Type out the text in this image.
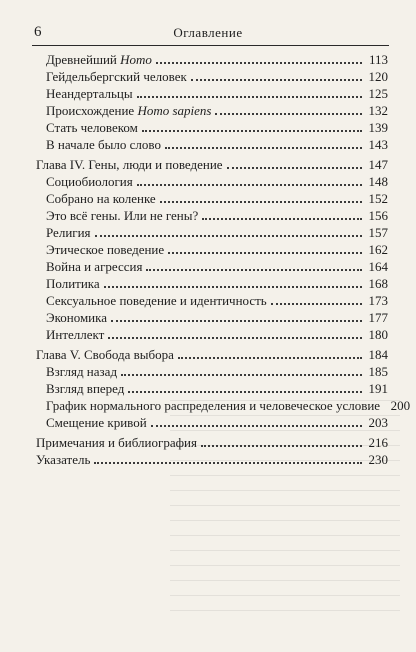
6	Оглавление
Древнейший Homo	113
Гейдельбергский человек	120
Неандертальцы	125
Происхождение Homo sapiens	132
Стать человеком	139
В начале было слово	143
Глава IV. Гены, люди и поведение	147
Социобиология	148
Собрано на коленке	152
Это всё гены. Или не гены?	156
Религия	157
Этическое поведение	162
Война и агрессия	164
Политика	168
Сексуальное поведение и идентичность	173
Экономика	177
Интеллект	180
Глава V. Свобода выбора	184
Взгляд назад	185
Взгляд вперед	191
График нормального распределения и человеческое условие 200
Смещение кривой	203
Примечания и библиография	216
Указатель	230
